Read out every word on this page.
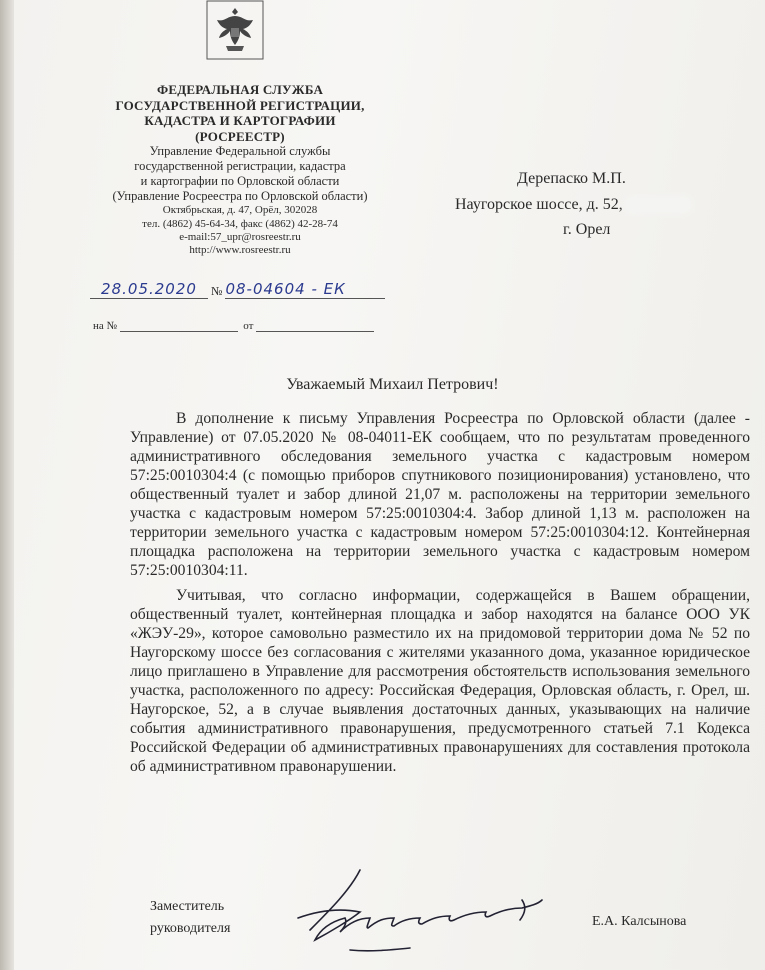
ФЕДЕРАЛЬНАЯ СЛУЖБА
ГОСУДАРСТВЕННОЙ РЕГИСТРАЦИИ,
КАДАСТРА И КАРТОГРАФИИ
(РОСРЕЕСТР)
Управление Федеральной службы
государственной регистрации, кадастра
и картографии по Орловской области
(Управление Росреестра по Орловской области)
Октябрьская, д. 47, Орёл, 302028
тел. (4862) 45-64-34, факс (4862) 42-28-74
e-mail:57_upr@rosreestr.ru
http://www.rosreestr.ru
Дерепаско М.П.
Наугорское шоссе, д. 52,
г. Орел
28.05.2020 № 08-04604 - ЕК
на №	от
Уважаемый Михаил Петрович!

В дополнение к письму Управления Росреестра по Орловской области (далее - Управление) от 07.05.2020 № 08-04011-ЕК сообщаем, что по результатам проведенного административного обследования земельного участка с кадастровым номером 57:25:0010304:4 (с помощью приборов спутникового позиционирования) установлено, что общественный туалет и забор длиной 21,07 м. расположены на территории земельного участка с кадастровым номером 57:25:0010304:4. Забор длиной 1,13 м. расположен на территории земельного участка с кадастровым номером 57:25:0010304:12. Контейнерная площадка расположена на территории земельного участка с кадастровым номером 57:25:0010304:11.

Учитывая, что согласно информации, содержащейся в Вашем обращении, общественный туалет, контейнерная площадка и забор находятся на балансе ООО УК «ЖЭУ-29», которое самовольно разместило их на придомовой территории дома № 52 по Наугорскому шоссе без согласования с жителями указанного дома, указанное юридическое лицо приглашено в Управление для рассмотрения обстоятельств использования земельного участка, расположенного по адресу: Российская Федерация, Орловская область, г. Орел, ш. Наугорское, 52, а в случае выявления достаточных данных, указывающих на наличие события административного правонарушения, предусмотренного статьей 7.1 Кодекса Российской Федерации об административных правонарушениях для составления протокола об административном правонарушении.

Заместитель
руководителя	Е.А. Калсынова
